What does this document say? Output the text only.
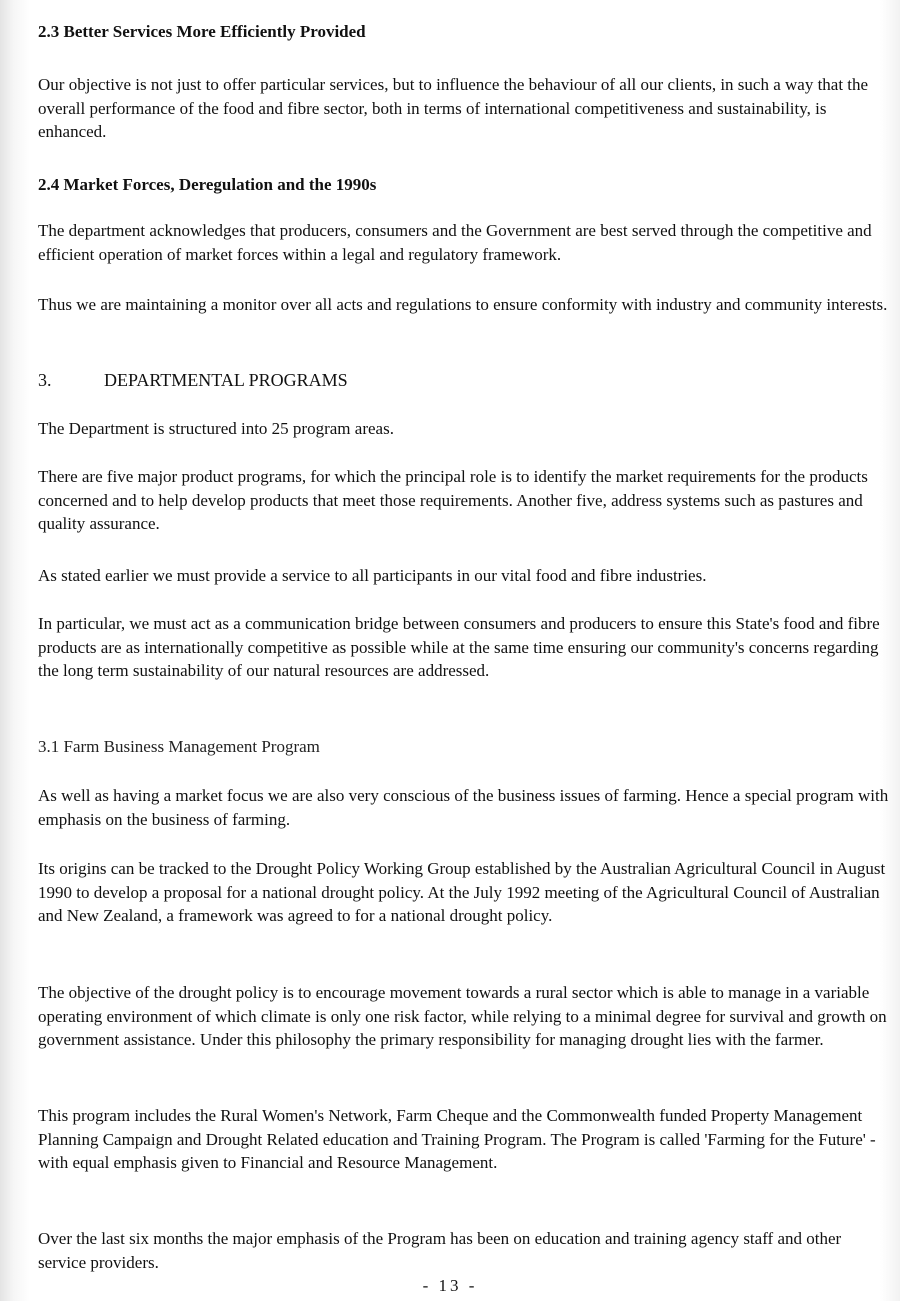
2.3 Better Services More Efficiently Provided
Our objective is not just to offer particular services, but to influence the behaviour of all our clients, in such a way that the overall performance of the food and fibre sector, both in terms of international competitiveness and sustainability, is enhanced.
2.4 Market Forces, Deregulation and the 1990s
The department acknowledges that producers, consumers and the Government are best served through the competitive and efficient operation of market forces within a legal and regulatory framework.
Thus we are maintaining a monitor over all acts and regulations to ensure conformity with industry and community interests.
3.	DEPARTMENTAL PROGRAMS
The Department is structured into 25 program areas.
There are five major product programs, for which the principal role is to identify the market requirements for the products concerned and to help develop products that meet those requirements. Another five, address systems such as pastures and quality assurance.
As stated earlier we must provide a service to all participants in our vital food and fibre industries.
In particular, we must act as a communication bridge between consumers and producers to ensure this State's food and fibre products are as internationally competitive as possible while at the same time ensuring our community's concerns regarding the long term sustainability of our natural resources are addressed.
3.1 Farm Business Management Program
As well as having a market focus we are also very conscious of the business issues of farming. Hence a special program with emphasis on the business of farming.
Its origins can be tracked to the Drought Policy Working Group established by the Australian Agricultural Council in August 1990 to develop a proposal for a national drought policy. At the July 1992 meeting of the Agricultural Council of Australian and New Zealand, a framework was agreed to for a national drought policy.
The objective of the drought policy is to encourage movement towards a rural sector which is able to manage in a variable operating environment of which climate is only one risk factor, while relying to a minimal degree for survival and growth on government assistance. Under this philosophy the primary responsibility for managing drought lies with the farmer.
This program includes the Rural Women's Network, Farm Cheque and the Commonwealth funded Property Management Planning Campaign and Drought Related education and Training Program. The Program is called 'Farming for the Future' - with equal emphasis given to Financial and Resource Management.
Over the last six months the major emphasis of the Program has been on education and training agency staff and other service providers.
- 13 -
